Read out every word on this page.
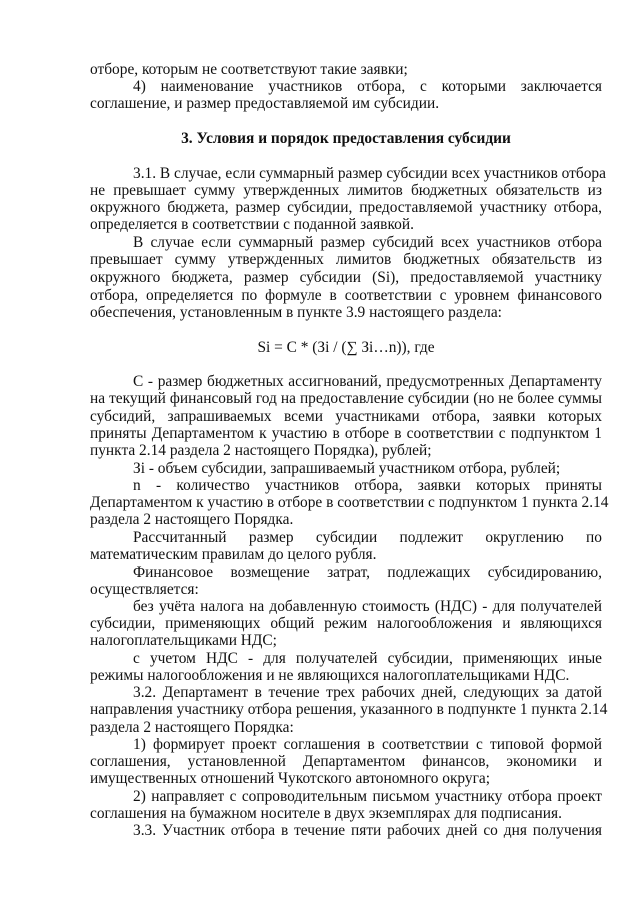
отборе, которым не соответствуют такие заявки;
4) наименование участников отбора, с которыми заключается
соглашение, и размер предоставляемой им субсидии.
3. Условия и порядок предоставления субсидии
3.1. В случае, если суммарный размер субсидии всех участников отбора
не превышает сумму утвержденных лимитов бюджетных обязательств из
окружного бюджета, размер субсидии, предоставляемой участнику отбора,
определяется в соответствии с поданной заявкой.
В случае если суммарный размер субсидий всех участников отбора
превышает сумму утвержденных лимитов бюджетных обязательств из
окружного бюджета, размер субсидии (Si), предоставляемой участнику
отбора, определяется по формуле в соответствии с уровнем финансового
обеспечения, установленным в пункте 3.9 настоящего раздела:
Si = C * (Зi / (∑ Зi…n)), где
С - размер бюджетных ассигнований, предусмотренных Департаменту
на текущий финансовый год на предоставление субсидии (но не более суммы
субсидий, запрашиваемых всеми участниками отбора, заявки которых
приняты Департаментом к участию в отборе в соответствии с подпунктом 1
пункта 2.14 раздела 2 настоящего Порядка), рублей;
Зi - объем субсидии, запрашиваемый участником отбора, рублей;
n - количество участников отбора, заявки которых приняты
Департаментом к участию в отборе в соответствии с подпунктом 1 пункта 2.14
раздела 2 настоящего Порядка.
Рассчитанный размер субсидии подлежит округлению по
математическим правилам до целого рубля.
Финансовое возмещение затрат, подлежащих субсидированию,
осуществляется:
без учёта налога на добавленную стоимость (НДС) - для получателей
субсидии, применяющих общий режим налогообложения и являющихся
налогоплательщиками НДС;
с учетом НДС - для получателей субсидии, применяющих иные
режимы налогообложения и не являющихся налогоплательщиками НДС.
3.2. Департамент в течение трех рабочих дней, следующих за датой
направления участнику отбора решения, указанного в подпункте 1 пункта 2.14
раздела 2 настоящего Порядка:
1) формирует проект соглашения в соответствии с типовой формой
соглашения, установленной Департаментом финансов, экономики и
имущественных отношений Чукотского автономного округа;
2) направляет с сопроводительным письмом участнику отбора проект
соглашения на бумажном носителе в двух экземплярах для подписания.
3.3. Участник отбора в течение пяти рабочих дней со дня получения
